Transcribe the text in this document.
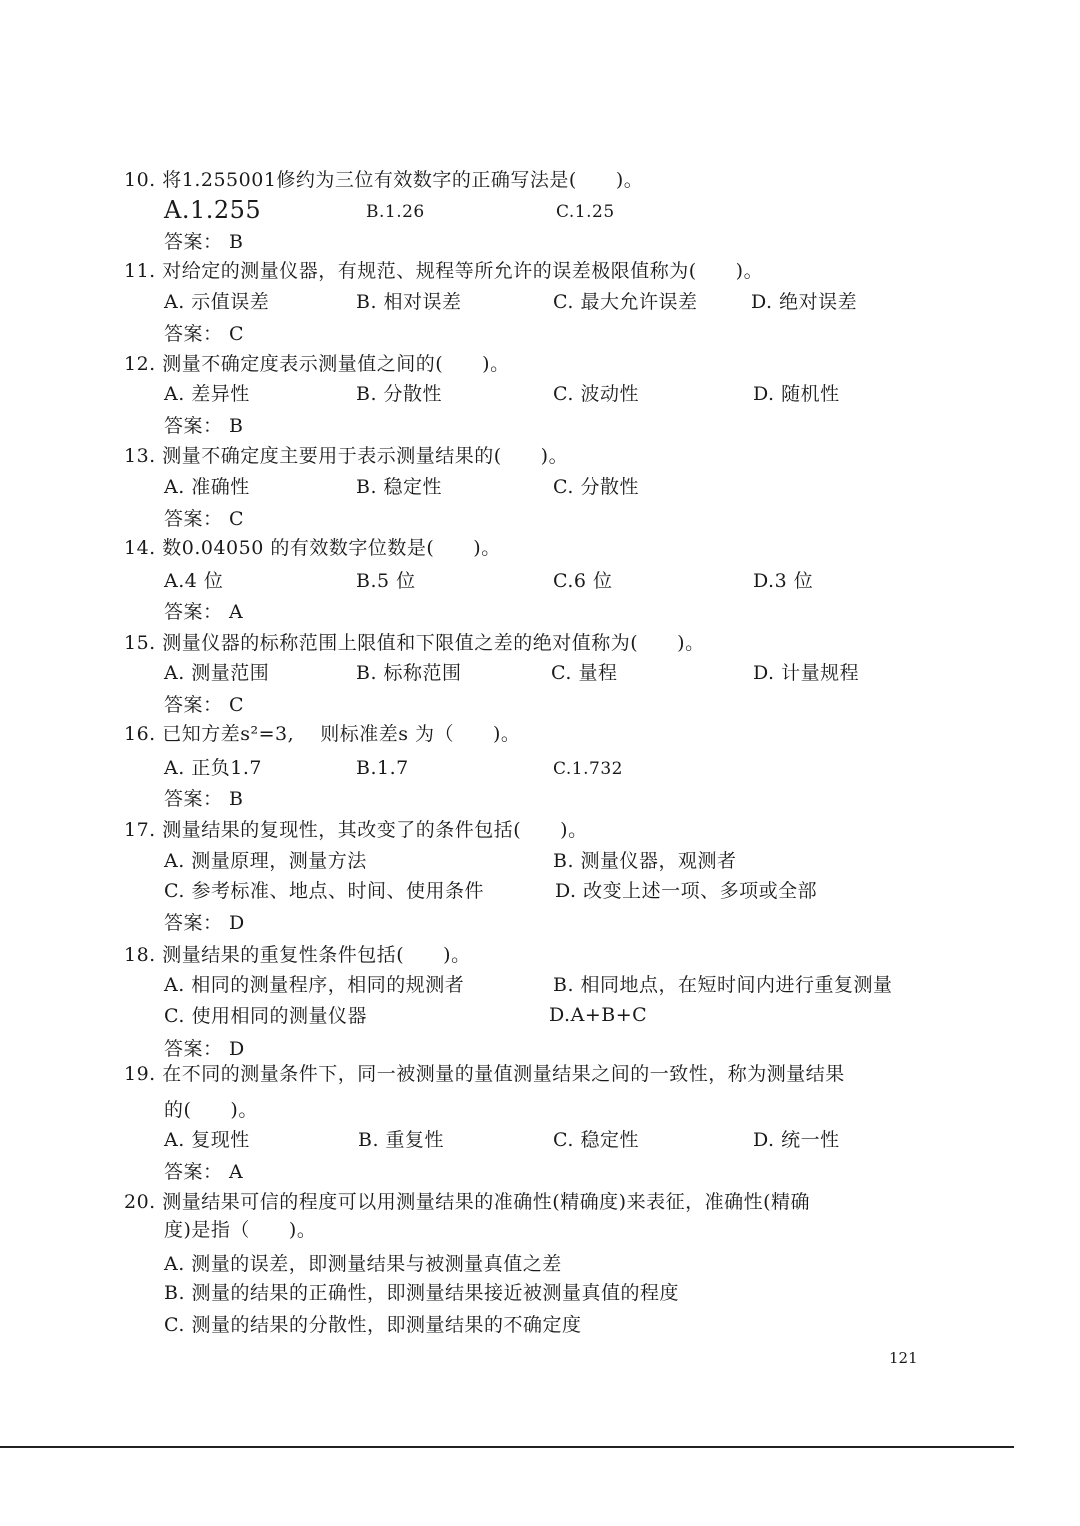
10. 将1.255001修约为三位有效数字的正确写法是(　　)。
A.1.255	B.1.26	C.1.25
答案： B
11. 对给定的测量仪器，有规范、规程等所允许的误差极限值称为(　　)。
A. 示值误差	B. 相对误差	C. 最大允许误差	D. 绝对误差
答案： C
12. 测量不确定度表示测量值之间的(　　)。
A. 差异性	B. 分散性	C. 波动性	D. 随机性
答案： B
13. 测量不确定度主要用于表示测量结果的(　　)。
A. 准确性	B. 稳定性	C. 分散性
答案： C
14. 数0.04050 的有效数字位数是(　　)。
A.4 位	B.5 位	C.6 位	D.3 位
答案： A
15. 测量仪器的标称范围上限值和下限值之差的绝对值称为(　　)。
A. 测量范围	B. 标称范围	C. 量程	D. 计量规程
答案： C
16. 已知方差s²=3,　 则标准差s 为（　　)。
A. 正负1.7	B.1.7	C.1.732
答案： B
17. 测量结果的复现性，其改变了的条件包括(　　)。
A. 测量原理，测量方法	B. 测量仪器，观测者
C. 参考标准、地点、时间、使用条件	D. 改变上述一项、多项或全部
答案： D
18. 测量结果的重复性条件包括(　　)。
A. 相同的测量程序，相同的规测者	B. 相同地点，在短时间内进行重复测量
C. 使用相同的测量仪器	D.A+B+C
答案： D
19. 在不同的测量条件下，同一被测量的量值测量结果之间的一致性，称为测量结果
的(　　)。
A. 复现性	B. 重复性	C. 稳定性	D. 统一性
答案： A
20. 测量结果可信的程度可以用测量结果的准确性(精确度)来表征，准确性(精确
度)是指（　　)。
A. 测量的误差，即测量结果与被测量真值之差
B. 测量的结果的正确性，即测量结果接近被测量真值的程度
C. 测量的结果的分散性，即测量结果的不确定度
121
